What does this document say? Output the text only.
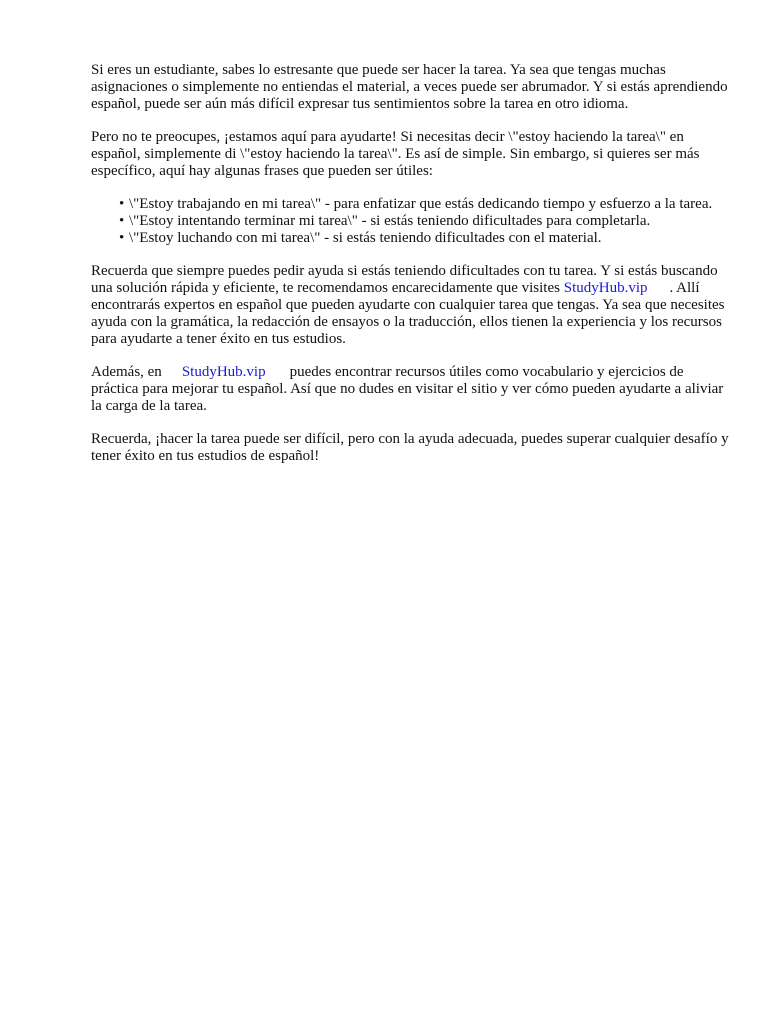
Si eres un estudiante, sabes lo estresante que puede ser hacer la tarea. Ya sea que tengas muchas asignaciones o simplemente no entiendas el material, a veces puede ser abrumador. Y si estás aprendiendo español, puede ser aún más difícil expresar tus sentimientos sobre la tarea en otro idioma.

Pero no te preocupes, ¡estamos aquí para ayudarte! Si necesitas decir \"estoy haciendo la tarea\" en español, simplemente di \"estoy haciendo la tarea\". Es así de simple. Sin embargo, si quieres ser más específico, aquí hay algunas frases que pueden ser útiles:

• \"Estoy trabajando en mi tarea\" - para enfatizar que estás dedicando tiempo y esfuerzo a la tarea.
• \"Estoy intentando terminar mi tarea\" - si estás teniendo dificultades para completarla.
• \"Estoy luchando con mi tarea\" - si estás teniendo dificultades con el material.

Recuerda que siempre puedes pedir ayuda si estás teniendo dificultades con tu tarea. Y si estás buscando una solución rápida y eficiente, te recomendamos encarecidamente que visites StudyHub.vip . Allí encontrarás expertos en español que pueden ayudarte con cualquier tarea que tengas. Ya sea que necesites ayuda con la gramática, la redacción de ensayos o la traducción, ellos tienen la experiencia y los recursos para ayudarte a tener éxito en tus estudios.

Además, en StudyHub.vip puedes encontrar recursos útiles como vocabulario y ejercicios de práctica para mejorar tu español. Así que no dudes en visitar el sitio y ver cómo pueden ayudarte a aliviar la carga de la tarea.

Recuerda, ¡hacer la tarea puede ser difícil, pero con la ayuda adecuada, puedes superar cualquier desafío y tener éxito en tus estudios de español!
